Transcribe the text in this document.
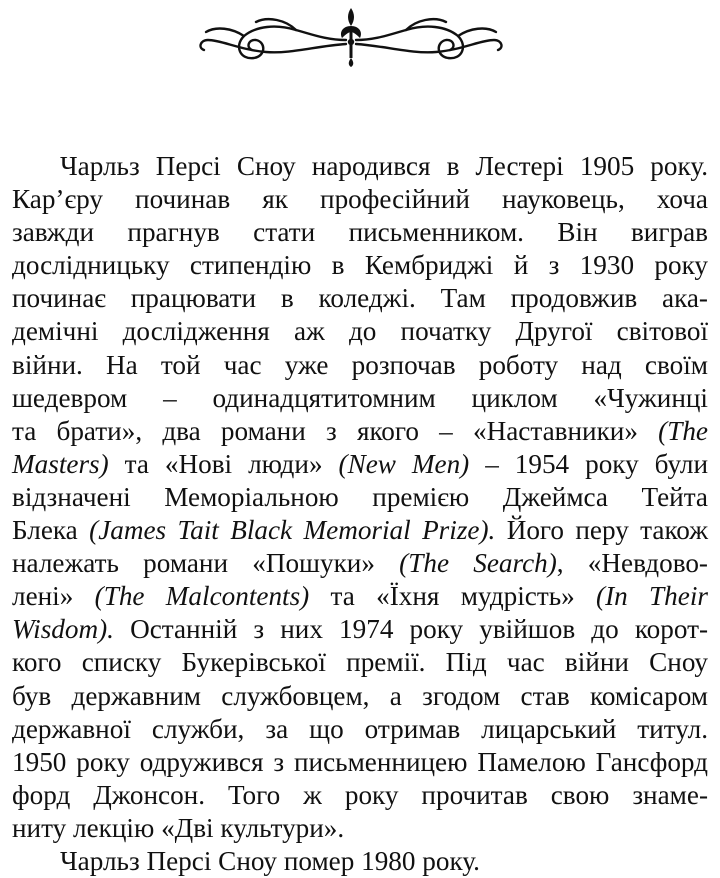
Чарльз Персі Сноу народився в Лестері 1905 року.
Кар’єру починав як професійний науковець, хоча
завжди прагнув стати письменником. Він виграв
дослідницьку стипендію в Кембриджі й з 1930 року
починає працювати в коледжі. Там продовжив ака-
демічні дослідження аж до початку Другої світової
війни. На той час уже розпочав роботу над своїм
шедевром – одинадцятитомним циклом «Чужинці
та брати», два романи з якого – «Наставники» (The
Masters) та «Нові люди» (New Men) – 1954 року були
відзначені Меморіальною премією Джеймса Тейта
Блека (James Tait Black Memorial Prize). Його перу також
належать романи «Пошуки» (The Search), «Невдово-
лені» (The Malcontents) та «Їхня мудрість» (In Their
Wisdom). Останній з них 1974 року увійшов до корот-
кого списку Букерівської премії. Під час війни Сноу
був державним службовцем, а згодом став комісаром
державної служби, за що отримав лицарський титул.
1950 року одружився з письменницею Памелою Гансфорд
форд Джонсон. Того ж року прочитав свою знаме-
ниту лекцію «Дві культури».
Чарльз Персі Сноу помер 1980 року.
